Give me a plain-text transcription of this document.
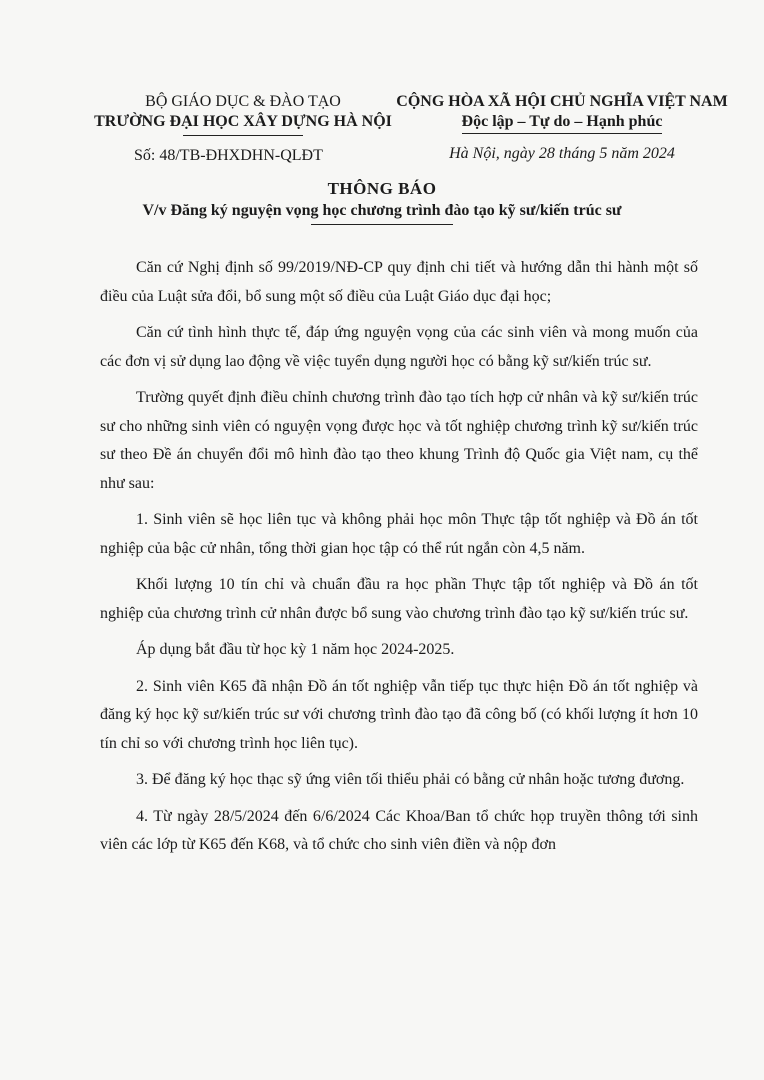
BỘ GIÁO DỤC & ĐÀO TẠO
TRƯỜNG ĐẠI HỌC XÂY DỰNG HÀ NỘI
Số: 48/TB-ĐHXDHN-QLĐT
CỘNG HÒA XÃ HỘI CHỦ NGHĨA VIỆT NAM
Độc lập – Tự do – Hạnh phúc
Hà Nội, ngày 28 tháng 5 năm 2024
THÔNG BÁO
V/v Đăng ký nguyện vọng học chương trình đào tạo kỹ sư/kiến trúc sư

Căn cứ Nghị định số 99/2019/NĐ-CP quy định chi tiết và hướng dẫn thi hành một số điều của Luật sửa đổi, bổ sung một số điều của Luật Giáo dục đại học;

Căn cứ tình hình thực tế, đáp ứng nguyện vọng của các sinh viên và mong muốn của các đơn vị sử dụng lao động về việc tuyển dụng người học có bằng kỹ sư/kiến trúc sư.

Trường quyết định điều chỉnh chương trình đào tạo tích hợp cử nhân và kỹ sư/kiến trúc sư cho những sinh viên có nguyện vọng được học và tốt nghiệp chương trình kỹ sư/kiến trúc sư theo Đề án chuyển đổi mô hình đào tạo theo khung Trình độ Quốc gia Việt nam, cụ thể như sau:

1. Sinh viên sẽ học liên tục và không phải học môn Thực tập tốt nghiệp và Đồ án tốt nghiệp của bậc cử nhân, tổng thời gian học tập có thể rút ngắn còn 4,5 năm.

Khối lượng 10 tín chỉ và chuẩn đầu ra học phần Thực tập tốt nghiệp và Đồ án tốt nghiệp của chương trình cử nhân được bổ sung vào chương trình đào tạo kỹ sư/kiến trúc sư.

Áp dụng bắt đầu từ học kỳ 1 năm học 2024-2025.

2. Sinh viên K65 đã nhận Đồ án tốt nghiệp vẫn tiếp tục thực hiện Đồ án tốt nghiệp và đăng ký học kỹ sư/kiến trúc sư với chương trình đào tạo đã công bố (có khối lượng ít hơn 10 tín chỉ so với chương trình học liên tục).

3. Để đăng ký học thạc sỹ ứng viên tối thiểu phải có bằng cử nhân hoặc tương đương.

4. Từ ngày 28/5/2024 đến 6/6/2024 Các Khoa/Ban tổ chức họp truyền thông tới sinh viên các lớp từ K65 đến K68, và tổ chức cho sinh viên điền và nộp đơn
